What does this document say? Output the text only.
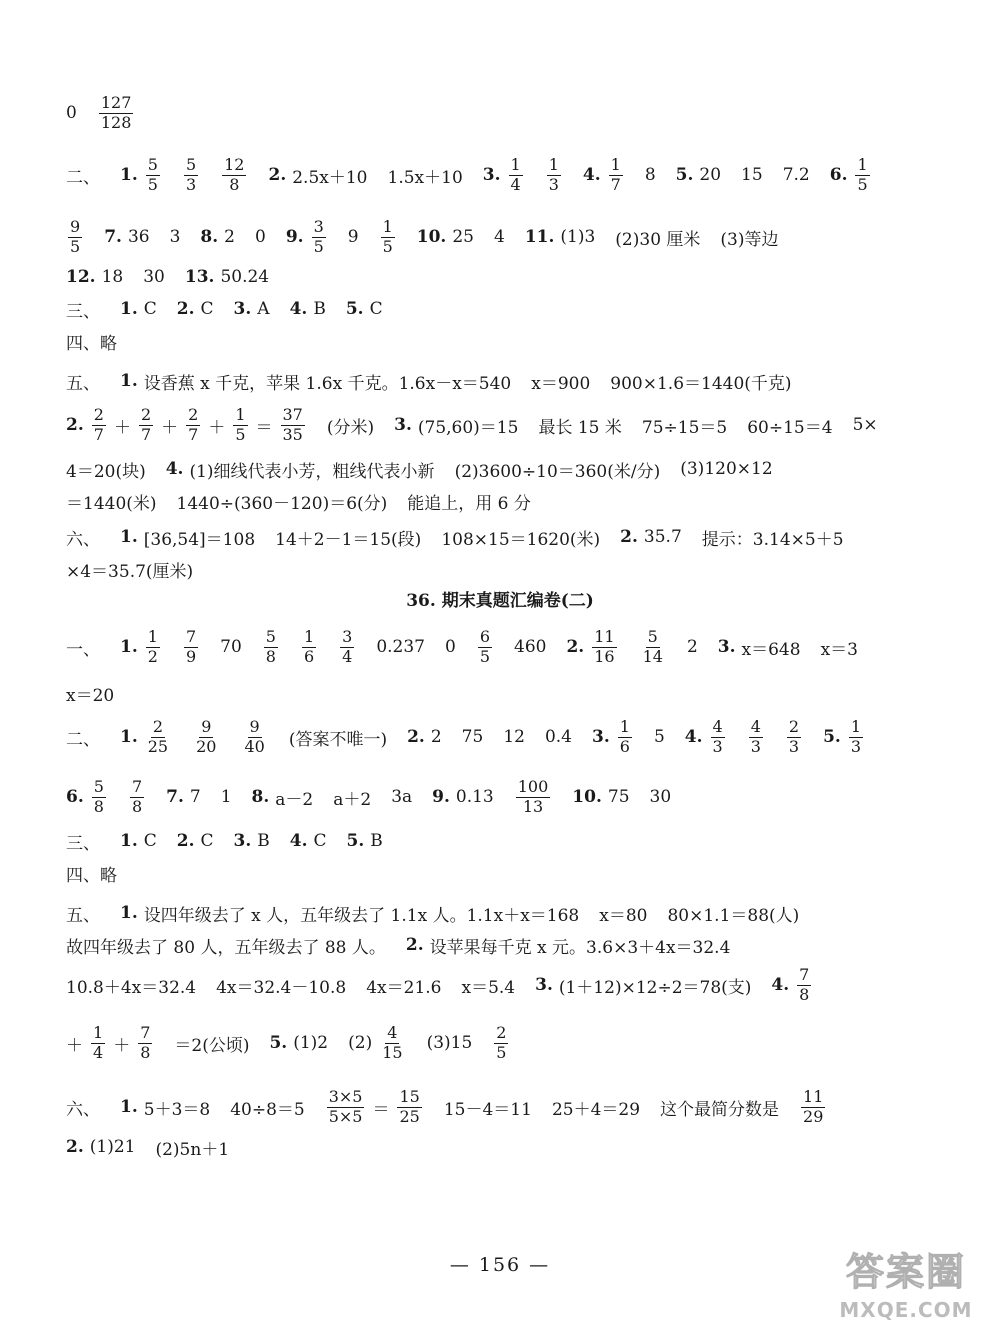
$0 \frac{127}{128}$
二、 1. $\frac{5}{5} \frac{5}{3} \frac{12}{8} 2$. 2.5x＋10 1.5x＋10 3. $\frac{1}{4} \frac{1}{3} 4$. $\frac{1}{7} 8$ 5. 20 15 7.2 6. $\frac{1}{5}$
$\frac{9}{5} 7$. 36 3 8. 2 0 9. $\frac{3}{5} 9 \frac{1}{5} 10$. 25 4 11. (1)3 (2)30 厘米 (3)等边
12. 18 30 13. 50.24
三、 1. C 2. C 3. A 4. B 5. C
四、略
五、 1. 设香蕉 x 千克，苹果 1.6x 千克。1.6x－x＝540 x＝900 900×1.6＝1440(千克)
2. $\frac{2}{7} + \frac{2}{7} + \frac{2}{7} + \frac{1}{5} = \frac{37}{35}$ (分米) 3. (75,60)＝15 最长 15 米 75÷15＝5 60÷15＝4 5×
4＝20(块) 4. (1)细线代表小芳，粗线代表小新 (2)3600÷10＝360(米/分) (3)120×12
＝1440(米) 1440÷(360－120)＝6(分) 能追上，用 6 分
六、 1. [36,54]＝108 14＋2－1＝15(段) 108×15＝1620(米) 2. 35.7 提示：3.14×5＋5
×4＝35.7(厘米)
一、 1. $\frac{1}{2} \frac{7}{9} 70 \frac{5}{8} \frac{1}{6} \frac{3}{4} 0.237$ $0 \frac{6}{5} 460$ 2. $\frac{11}{16} \frac{5}{14} 2$ 3. x＝648 x＝3
x＝20
二、 1. $\frac{2}{25} \frac{9}{20} \frac{9}{40}$ (答案不唯一) 2. 2 75 12 0.4 3. $\frac{1}{6} 5$ 4. $\frac{4}{3} \frac{4}{3} \frac{2}{3} 5$. $\frac{1}{3}$
6. $\frac{5}{8} \frac{7}{8} 7$. 7 1 8. a－2 a＋2 3a 9. $0.13 \frac{100}{13} 10$. 75 30
三、 1. C 2. C 3. B 4. C 5. B
四、略
五、 1. 设四年级去了 x 人，五年级去了 1.1x 人。1.1x＋x＝168 x＝80 80×1.1＝88(人)
故四年级去了 80 人，五年级去了 88 人。 2. 设苹果每千克 x 元。3.6×3＋4x＝32.4
10.8＋4x＝32.4 4x＝32.4－10.8 4x＝21.6 x＝5.4 3. (1＋12)×12÷2＝78(支) 4. $\frac{7}{8}$
＋ $\frac{1}{4} + \frac{7}{8} =2$(公顷) 5. (1)2 $(2) \frac{4}{15} (3)15 \frac{2}{5}$
六、 1. 5＋3＝8 $40\div 8=5 \frac{3\times 5}{5\times 5} = \frac{15}{25} 15-4=11$ 25＋4＝29 这个最简分数是 $\frac{11}{29}$
2. (1)21 (2)5n＋1
36. 期末真题汇编卷(二)
— 156 —	答案圈
MXQE.COM
